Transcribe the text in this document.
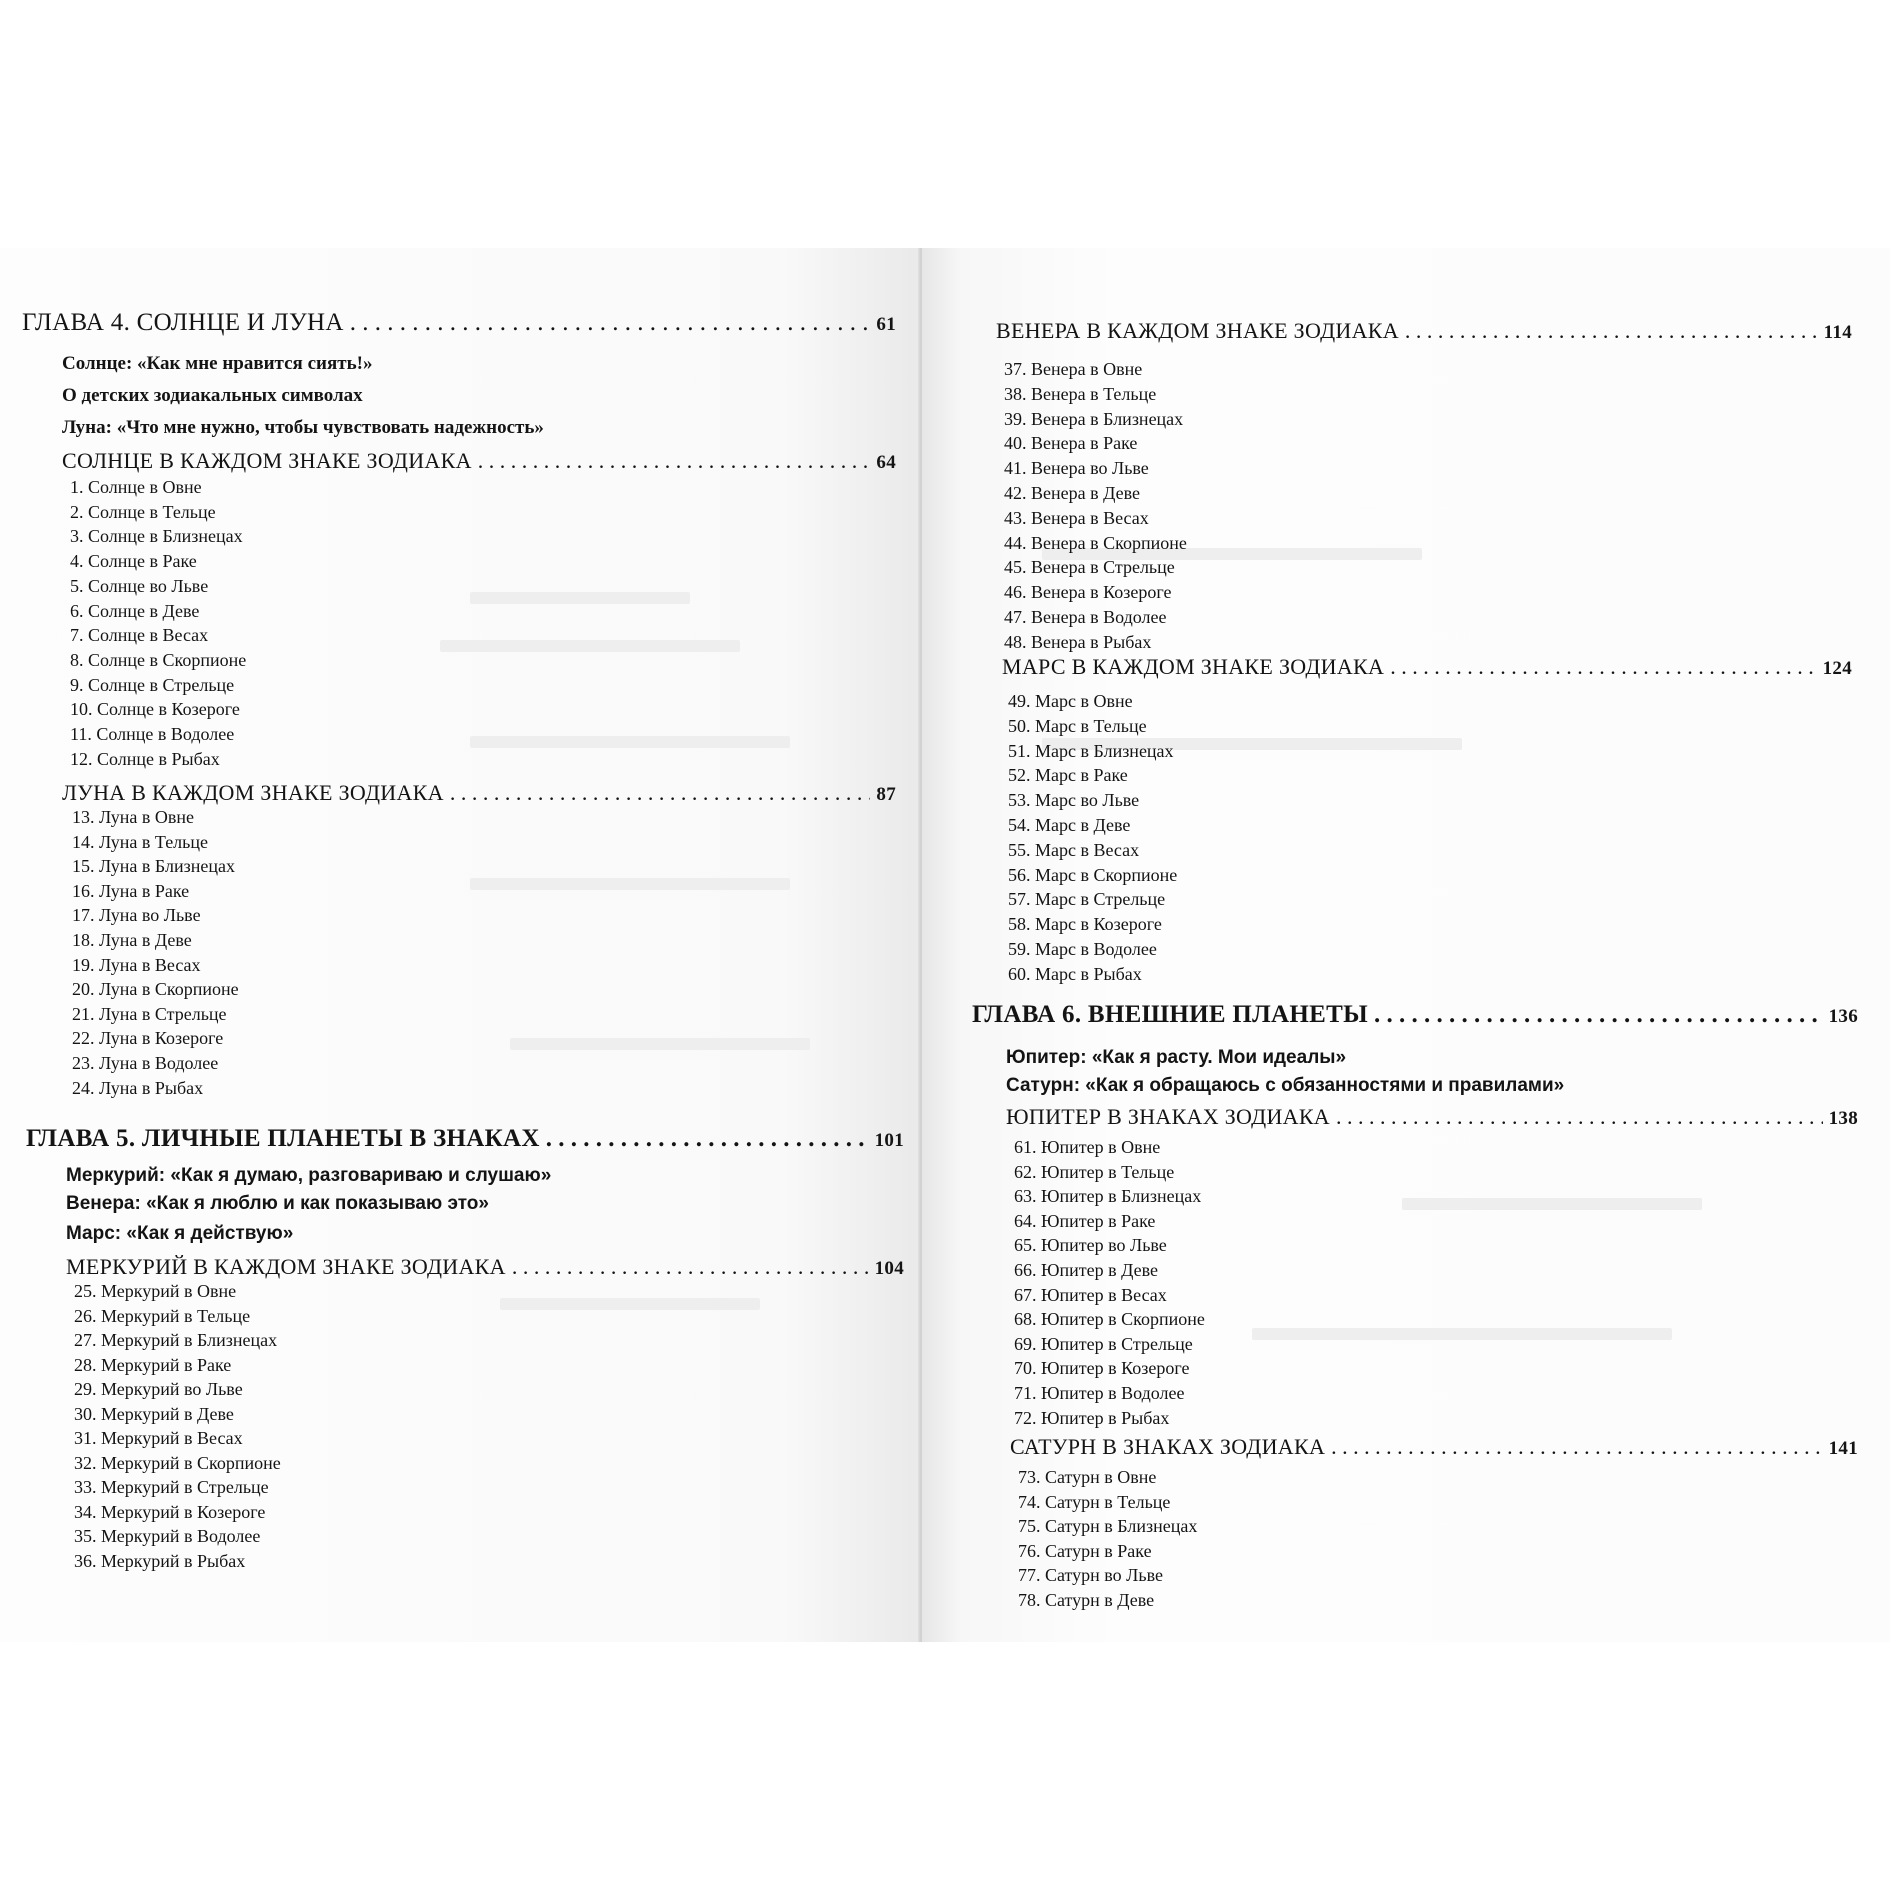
ГЛАВА 4. СОЛНЦЕ И ЛУНА . . .	61
Солнце: «Как мне нравится сиять!»
О детских зодиакальных символах
Луна: «Что мне нужно, чтобы чувствовать надежность»
СОЛНЦЕ В КАЖДОМ ЗНАКЕ ЗОДИАКА . . .	64
1. Солнце в Овне
2. Солнце в Тельце
3. Солнце в Близнецах
4. Солнце в Раке
5. Солнце во Льве
6. Солнце в Деве
7. Солнце в Весах
8. Солнце в Скорпионе
9. Солнце в Стрельце
10. Солнце в Козероге
11. Солнце в Водолее
12. Солнце в Рыбах
ЛУНА В КАЖДОМ ЗНАКЕ ЗОДИАКА . . .	87
13. Луна в Овне
14. Луна в Тельце
15. Луна в Близнецах
16. Луна в Раке
17. Луна во Льве
18. Луна в Деве
19. Луна в Весах
20. Луна в Скорпионе
21. Луна в Стрельце
22. Луна в Козероге
23. Луна в Водолее
24. Луна в Рыбах
ГЛАВА 5. ЛИЧНЫЕ ПЛАНЕТЫ В ЗНАКАХ . . .	101
Меркурий: «Как я думаю, разговариваю и слушаю»
Венера: «Как я люблю и как показываю это»
Марс: «Как я действую»
МЕРКУРИЙ В КАЖДОМ ЗНАКЕ ЗОДИАКА . . .	104
25. Меркурий в Овне
26. Меркурий в Тельце
27. Меркурий в Близнецах
28. Меркурий в Раке
29. Меркурий во Льве
30. Меркурий в Деве
31. Меркурий в Весах
32. Меркурий в Скорпионе
33. Меркурий в Стрельце
34. Меркурий в Козероге
35. Меркурий в Водолее
36. Меркурий в Рыбах
ВЕНЕРА В КАЖДОМ ЗНАКЕ ЗОДИАКА . . .	114
37. Венера в Овне
38. Венера в Тельце
39. Венера в Близнецах
40. Венера в Раке
41. Венера во Льве
42. Венера в Деве
43. Венера в Весах
44. Венера в Скорпионе
45. Венера в Стрельце
46. Венера в Козероге
47. Венера в Водолее
48. Венера в Рыбах
МАРС В КАЖДОМ ЗНАКЕ ЗОДИАКА . . .	124
49. Марс в Овне
50. Марс в Тельце
51. Марс в Близнецах
52. Марс в Раке
53. Марс во Льве
54. Марс в Деве
55. Марс в Весах
56. Марс в Скорпионе
57. Марс в Стрельце
58. Марс в Козероге
59. Марс в Водолее
60. Марс в Рыбах
ГЛАВА 6. ВНЕШНИЕ ПЛАНЕТЫ . . .	136
Юпитер: «Как я расту. Мои идеалы»
Сатурн: «Как я обращаюсь с обязанностями и правилами»
ЮПИТЕР В ЗНАКАХ ЗОДИАКА . . .	138
61. Юпитер в Овне
62. Юпитер в Тельце
63. Юпитер в Близнецах
64. Юпитер в Раке
65. Юпитер во Льве
66. Юпитер в Деве
67. Юпитер в Весах
68. Юпитер в Скорпионе
69. Юпитер в Стрельце
70. Юпитер в Козероге
71. Юпитер в Водолее
72. Юпитер в Рыбах
САТУРН В ЗНАКАХ ЗОДИАКА . . .	141
73. Сатурн в Овне
74. Сатурн в Тельце
75. Сатурн в Близнецах
76. Сатурн в Раке
77. Сатурн во Льве
78. Сатурн в Деве
